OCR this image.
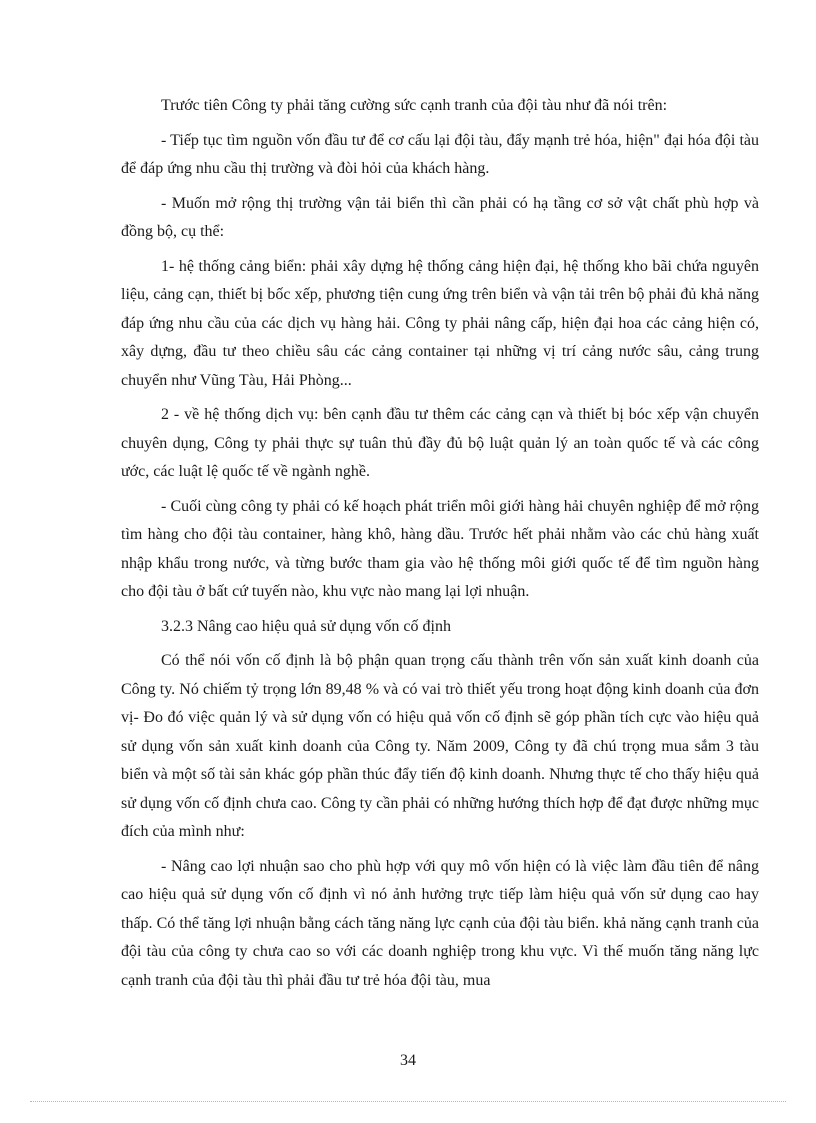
Trước tiên Công ty phải tăng cường sức cạnh tranh của đội tàu như đã nói trên:

- Tiếp tục tìm nguồn vốn đầu tư để cơ cấu lại đội tàu, đẩy mạnh trẻ hóa, hiện" đại hóa đội tàu để đáp ứng nhu cầu thị trường và đòi hỏi của khách hàng.

- Muốn mở rộng thị trường vận tải biển thì cần phải có hạ tầng cơ sở vật chất phù hợp và đồng bộ, cụ thể:

1- hệ thống cảng biển: phải xây dựng hệ thống cảng hiện đại, hệ thống kho bãi chứa nguyên liệu, cảng cạn, thiết bị bốc xếp, phương tiện cung ứng trên biển và vận tải trên bộ phải đủ khả năng đáp ứng nhu cầu của các dịch vụ hàng hải. Công ty phải nâng cấp, hiện đại hoa các cảng hiện có, xây dựng, đầu tư theo chiều sâu các cảng container tại những vị trí cảng nước sâu, cảng trung chuyển như Vũng Tàu, Hải Phòng...

2 - về hệ thống dịch vụ: bên cạnh đầu tư thêm các cảng cạn và thiết bị bóc xếp vận chuyển chuyên dụng, Công ty phải thực sự tuân thủ đầy đủ bộ luật quản lý an toàn quốc tế và các công ước, các luật lệ quốc tế về ngành nghề.

- Cuối cùng công ty phải có kế hoạch phát triển môi giới hàng hải chuyên nghiệp để mở rộng tìm hàng cho đội tàu container, hàng khô, hàng dầu. Trước hết phải nhằm vào các chủ hàng xuất nhập khẩu trong nước, và từng bước tham gia vào hệ thống môi giới quốc tế để tìm nguồn hàng cho đội tàu ở bất cứ tuyến nào, khu vực nào mang lại lợi nhuận.

3.2.3 Nâng cao hiệu quả sử dụng vốn cố định

Có thể nói vốn cố định là bộ phận quan trọng cấu thành trên vốn sản xuất kinh doanh của Công ty. Nó chiếm tỷ trọng lớn 89,48 % và có vai trò thiết yếu trong hoạt động kinh doanh của đơn vị- Đo đó việc quản lý và sử dụng vốn có hiệu quả vốn cố định sẽ góp phần tích cực vào hiệu quả sử dụng vốn sản xuất kinh doanh của Công ty. Năm 2009, Công ty đã chú trọng mua sắm 3 tàu biển và một số tài sản khác góp phần thúc đẩy tiến độ kinh doanh. Nhưng thực tế cho thấy hiệu quả sử dụng vốn cố định chưa cao. Công ty cần phải có những hướng thích hợp để đạt được những mục đích của mình như:

- Nâng cao lợi nhuận sao cho phù hợp với quy mô vốn hiện có là việc làm đầu tiên để nâng cao hiệu quả sử dụng vốn cố định vì nó ảnh hưởng trực tiếp làm hiệu quả vốn sử dụng cao hay thấp. Có thể tăng lợi nhuận bằng cách tăng năng lực cạnh của đội tàu biển. khả năng cạnh tranh của đội tàu của công ty chưa cao so với các doanh nghiệp trong khu vực. Vì thế muốn tăng năng lực cạnh tranh của đội tàu thì phải đầu tư trẻ hóa đội tàu, mua

34
